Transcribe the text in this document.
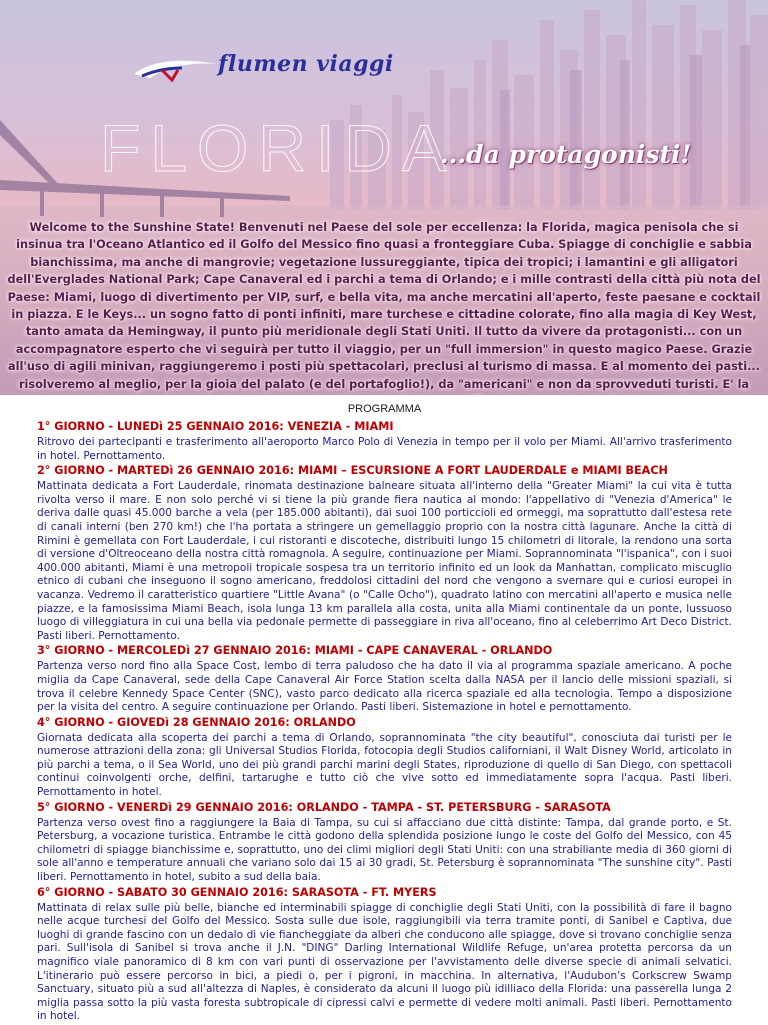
flumen viaggi
FLORIDA
...da protagonisti!
Welcome to the Sunshine State! Benvenuti nel Paese del sole per eccellenza: la Florida, magica penisola che si insinua tra l'Oceano Atlantico ed il Golfo del Messico fino quasi a fronteggiare Cuba. Spiagge di conchiglie e sabbia bianchissima, ma anche di mangrovie; vegetazione lussureggiante, tipica dei tropici; i lamantini e gli alligatori dell'Everglades National Park; Cape Canaveral ed i parchi a tema di Orlando; e i mille contrasti della città più nota del Paese: Miami, luogo di divertimento per VIP, surf, e bella vita, ma anche mercatini all'aperto, feste paesane e cocktail in piazza. E le Keys... un sogno fatto di ponti infiniti, mare turchese e cittadine colorate, fino alla magia di Key West, tanto amata da Hemingway, il punto più meridionale degli Stati Uniti. Il tutto da vivere da protagonisti... con un accompagnatore esperto che vi seguirà per tutto il viaggio, per un "full immersion" in questo magico Paese. Grazie all'uso di agili minivan, raggiungeremo i posti più spettacolari, preclusi al turismo di massa. E al momento dei pasti... risolveremo al meglio, per la gioia del palato (e del portafoglio!), da "americani" e non da sprovveduti turisti. E' la
PROGRAMMA
1° GIORNO - LUNEDì 25 GENNAIO 2016: VENEZIA - MIAMI
Ritrovo dei partecipanti e trasferimento all'aeroporto Marco Polo di Venezia in tempo per il volo per Miami. All'arrivo trasferimento in hotel. Pernottamento.
2° GIORNO - MARTEDì 26 GENNAIO 2016: MIAMI – ESCURSIONE A FORT LAUDERDALE e MIAMI BEACH
Mattinata dedicata a Fort Lauderdale, rinomata destinazione balneare situata all'interno della "Greater Miami" la cui vita è tutta rivolta verso il mare. E non solo perché vi si tiene la più grande fiera nautica al mondo: l'appellativo di "Venezia d'America" le deriva dalle quasi 45.000 barche a vela (per 185.000 abitanti), dai suoi 100 porticcioli ed ormeggi, ma soprattutto dall'estesa rete di canali interni (ben 270 km!) che l'ha portata a stringere un gemellaggio proprio con la nostra città lagunare. Anche la città di Rimini è gemellata con Fort Lauderdale, i cui ristoranti e discoteche, distribuiti lungo 15 chilometri di litorale, la rendono una sorta di versione d'Oltreoceano della nostra città romagnola. A seguire, continuazione per Miami. Soprannominata "l'ispanica", con i suoi 400.000 abitanti, Miami è una metropoli tropicale sospesa tra un territorio infinito ed un look da Manhattan, complicato miscuglio etnico di cubani che inseguono il sogno americano, freddolosi cittadini del nord che vengono a svernare qui e curiosi europei in vacanza. Vedremo il caratteristico quartiere "Little Avana" (o "Calle Ocho"), quadrato latino con mercatini all'aperto e musica nelle piazze, e la famosissima Miami Beach, isola lunga 13 km parallela alla costa, unita alla Miami continentale da un ponte, lussuoso luogo di villeggiatura in cui una bella via pedonale permette di passeggiare in riva all'oceano, fino al celeberrimo Art Deco District. Pasti liberi. Pernottamento.
3° GIORNO - MERCOLEDì 27 GENNAIO 2016: MIAMI - CAPE CANAVERAL - ORLANDO
Partenza verso nord fino alla Space Cost, lembo di terra paludoso che ha dato il via al programma spaziale americano. A poche miglia da Cape Canaveral, sede della Cape Canaveral Air Force Station scelta dalla NASA per il lancio delle missioni spaziali, si trova il celebre Kennedy Space Center (SNC), vasto parco dedicato alla ricerca spaziale ed alla tecnologia. Tempo a disposizione per la visita del centro. A seguire continuazione per Orlando. Pasti liberi. Sistemazione in hotel e pernottamento.
4° GIORNO - GIOVEDì 28 GENNAIO 2016: ORLANDO
Giornata dedicata alla scoperta dei parchi a tema di Orlando, soprannominata "the city beautiful", conosciuta dai turisti per le numerose attrazioni della zona: gli Universal Studios Florida, fotocopia degli Studios californiani, il Walt Disney World, articolato in più parchi a tema, o il Sea World, uno dei più grandi parchi marini degli States, riproduzione di quello di San Diego, con spettacoli continui coinvolgenti orche, delfini, tartarughe e tutto ciò che vive sotto ed immediatamente sopra l'acqua. Pasti liberi. Pernottamento in hotel.
5° GIORNO - VENERDì 29 GENNAIO 2016: ORLANDO - TAMPA - ST. PETERSBURG - SARASOTA
Partenza verso ovest fino a raggiungere la Baia di Tampa, su cui si affacciano due città distinte: Tampa, dal grande porto, e St. Petersburg, a vocazione turistica. Entrambe le città godono della splendida posizione lungo le coste del Golfo del Messico, con 45 chilometri di spiagge bianchissime e, soprattutto, uno dei climi migliori degli Stati Uniti: con una strabiliante media di 360 giorni di sole all'anno e temperature annuali che variano solo dai 15 ai 30 gradi, St. Petersburg è soprannominata "The sunshine city". Pasti liberi. Pernottamento in hotel, subito a sud della baia.
6° GIORNO - SABATO 30 GENNAIO 2016: SARASOTA - FT. MYERS
Mattinata di relax sulle più belle, bianche ed interminabili spiagge di conchiglie degli Stati Uniti, con la possibilità di fare il bagno nelle acque turchesi del Golfo del Messico. Sosta sulle due isole, raggiungibili via terra tramite ponti, di Sanibel e Captiva, due luoghi di grande fascino con un dedalo di vie fiancheggiate da alberi che conducono alle spiagge, dove si trovano conchiglie senza pari. Sull'isola di Sanibel si trova anche il J.N. "DING" Darling International Wildlife Refuge, un'area protetta percorsa da un magnifico viale panoramico di 8 km con vari punti di osservazione per l'avvistamento delle diverse specie di animali selvatici. L'itinerario può essere percorso in bici, a piedi o, per i pigroni, in macchina. In alternativa, l'Audubon's Corkscrew Swamp Sanctuary, situato più a sud all'altezza di Naples, è considerato da alcuni il luogo più idilliaco della Florida: una passerella lunga 2 miglia passa sotto la più vasta foresta subtropicale di cipressi calvi e permette di vedere molti animali. Pasti liberi. Pernottamento in hotel.
